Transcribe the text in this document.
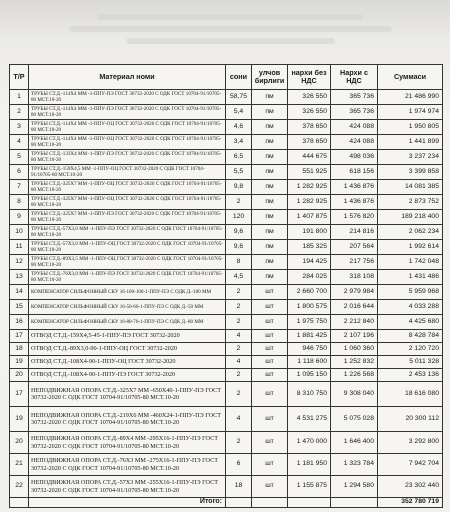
Т/Р	Материал номи	сони	улчов бирлиги	нархи без НДС	Нархи с НДС	Суммаси
1	ТРУБЫ СТ.Д.-114Х4 ММ -1-ППУ-ПЭ ГОСТ 30732-2020 С ОДК ГОСТ 10704-91/10705-80 МСТ.10-20	58,75	пм	326 550	365 736	21 486 990
2	ТРУБЫ СТ.Д.-114Х4 ММ -1-ППУ-ПЭ ГОСТ 30732-2020 С ОДК ГОСТ 10704-91/10705-80 МСТ.10-20	5,4	пм	326 550	365 736	1 974 974
3	ТРУБЫ СТ.Д.-114Х4 ММ -1-ППУ-ОЦ ГОСТ 30732-2020 С ОДК ГОСТ 10704-91/10705-80 МСТ.10-20	4,6	пм	378 650	424 088	1 950 805
4	ТРУБЫ СТ.Д.-114Х4 ММ -1-ППУ-ОЦ ГОСТ 30732-2020 С ОДК ГОСТ 10704-91/10705-80 МСТ.10-20	3,4	пм	378 650	424 088	1 441 899
5	ТРУБЫ СТ.Д.-133Х4 ММ -1-ППУ-ПЭ ГОСТ 30732-2020 С ОДК ГОСТ 10704-91/10705-80 МСТ.10-20	6,5	пм	444 675	498 036	3 237 234
6	ТРУБЫ СТ.Д.-159Х4,5 ММ -1-ППУ-ОЦ ГОСТ 30732-2020 С ОДК ГОСТ 10704-91/10705-80 МСТ.10-20	5,5	пм	551 925	618 156	3 399 858
7	ТРУБЫ СТ.Д.-325Х7 ММ -1-ППУ-ОЦ ГОСТ 30732-2020 С ОДК ГОСТ 10704-91/10705-80 МСТ.10-20	9,8	пм	1 282 925	1 436 876	14 081 385
8	ТРУБЫ СТ.Д.-325Х7 ММ -1-ППУ-ОЦ ГОСТ 30732-2020 С ОДК ГОСТ 10704-91/10705-80 МСТ.10-20	2	пм	1 282 925	1 436 876	2 873 752
9	ТРУБЫ СТ.Д.-325Х7 ММ -1-ППУ-ПЭ ГОСТ 30732-2020 С ОДК ГОСТ 10704-91/10705-80 МСТ.10-20	120	пм	1 407 875	1 576 820	189 218 400
10	ТРУБЫ СТ.Д.-57Х3,0 ММ -1-ППУ-ПЭ ГОСТ 30732-2020 С ОДК ГОСТ 10704-91/10705-80 МСТ.10-20	9,6	пм	191 800	214 816	2 062 234
11	ТРУБЫ СТ.Д.-57Х3,0 ММ -1-ППУ-ОЦ ГОСТ 30732-2020 С ОДК ГОСТ 10704-91/10705-80 МСТ.10-20	9,6	пм	185 325	207 564	1 992 614
12	ТРУБЫ СТ.Д.-89Х3,5 ММ -1-ППУ-ОЦ ГОСТ 30732-2020 С ОДК ГОСТ 10704-91/10705-80 МСТ.10-20	8	пм	194 425	217 756	1 742 048
13	ТРУБЫ СТ.Д.-76Х3,0 ММ -1-ППУ-ПЭ ГОСТ 30732-2020 С ОДК ГОСТ 10704-91/10705-80 МСТ.10-20	4,5	пм	284 025	318 108	1 431 486
14	КОМПЕНСАТОР СИЛЬФОННЫЙ СКУ 16-100-100-1-ППУ-ПЭ С ОДК Д.-100 ММ	2	шт	2 660 700	2 979 984	5 959 968
15	КОМПЕНСАТОР СИЛЬФОННЫЙ СКУ 16-50-60-1-ППУ-ПЭ С ОДК Д.-50 ММ	2	шт	1 800 575	2 016 644	4 033 288
16	КОМПЕНСАТОР СИЛЬФОННЫЙ СКУ 16-80-70-1-ППУ-ПЭ С ОДК Д.-80 ММ	2	шт	1 975 750	2 212 840	4 425 680
17	ОТВОД СТ.Д.-159Х4,5-45-1-ППУ-ПЭ ГОСТ 30732-2020	4	шт	1 881 425	2 107 196	8 428 784
18	ОТВОД СТ.Д.-89Х3,0-90-1-ППУ-ОЦ ГОСТ 30732-2020	2	шт	946 750	1 060 360	2 120 720
19	ОТВОД СТ.Д.-108Х4-90-1-ППУ-ОЦ ГОСТ 30732-2020	4	шт	1 118 600	1 252 832	5 011 328
20	ОТВОД СТ.Д.-108Х4-90-1-ППУ-ПЭ ГОСТ 30732-2020	2	шт	1 095 150	1 226 568	2 453 136
17	НЕПОДВИЖНАЯ ОПОРА СТ.Д.-325Х7 ММ -650Х40-1-ППУ-ПЭ ГОСТ 30732-2020 С ОДК ГОСТ 10704-91/10705-80 МСТ.10-20	2	шт	8 310 750	9 308 040	18 616 080
19	НЕПОДВИЖНАЯ ОПОРА СТ.Д.-219Х6 ММ -460Х24-1-ППУ-ПЭ ГОСТ 30732-2020 С ОДК ГОСТ 10704-91/10705-80 МСТ.10-20	4	шт	4 531 275	5 075 028	20 300 112
20	НЕПОДВИЖНАЯ ОПОРА СТ.Д.-89Х4 ММ -295Х16-1-ППУ-ПЭ ГОСТ 30732-2020 С ОДК ГОСТ 10704-91/10705-80 МСТ.10-20	2	шт	1 470 000	1 646 400	3 292 800
21	НЕПОДВИЖНАЯ ОПОРА СТ.Д.-76Х3 ММ -275Х16-1-ППУ-ПЭ ГОСТ 30732-2020 С ОДК ГОСТ 10704-91/10705-80 МСТ.10-20	6	шт	1 181 950	1 323 784	7 942 704
22	НЕПОДВИЖНАЯ ОПОРА СТ.Д.-57Х3 ММ -255Х16-1-ППУ-ПЭ ГОСТ 30732-2020 С ОДК ГОСТ 10704-91/10705-80 МСТ.10-20	18	шт	1 155 875	1 294 580	23 302 440
	Итого:					352 780 719
